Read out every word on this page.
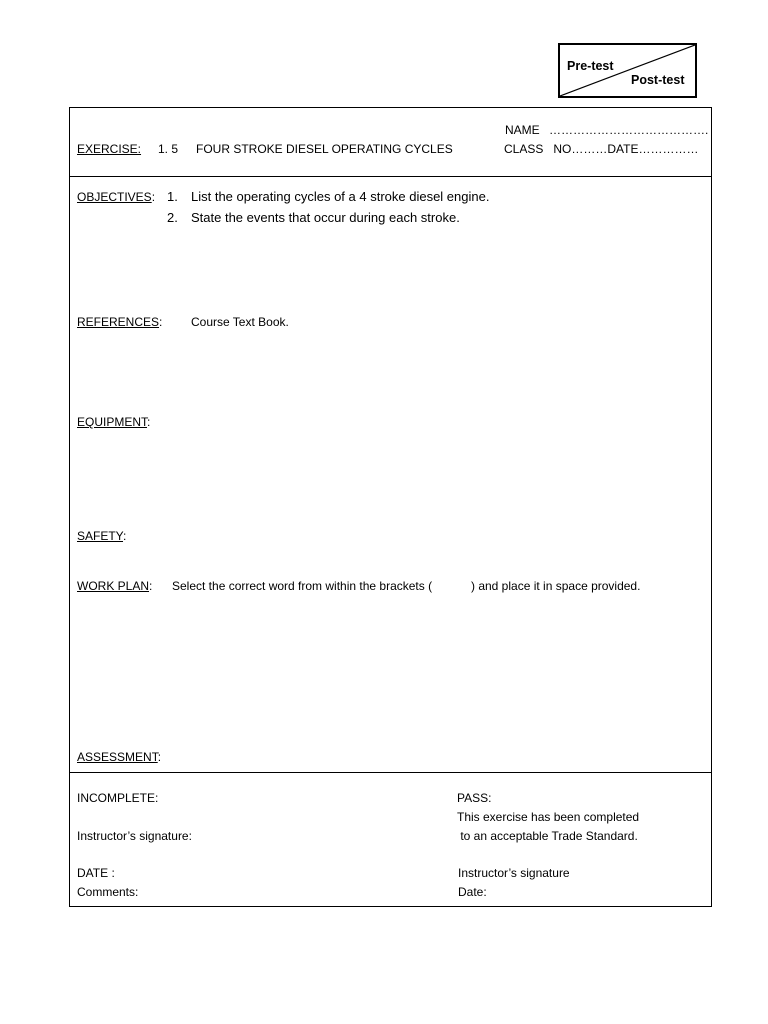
Pre-test
Post-test
NAME ………………………………….
EXERCISE: 1. 5 FOUR STROKE DIESEL OPERATING CYCLES	CLASS   NO………DATE……………
OBJECTIVES: 1. List the operating cycles of a 4 stroke diesel engine.
2. State the events that occur during each stroke.
REFERENCES: Course Text Book.
EQUIPMENT:
SAFETY:
WORK PLAN: Select the correct word from within the brackets (	) and place it in space provided.
ASSESSMENT:
INCOMPLETE:
Instructor’s signature:
DATE :
Comments:
PASS:
This exercise has been completed
to an acceptable Trade Standard.
Instructor’s signature
Date:
